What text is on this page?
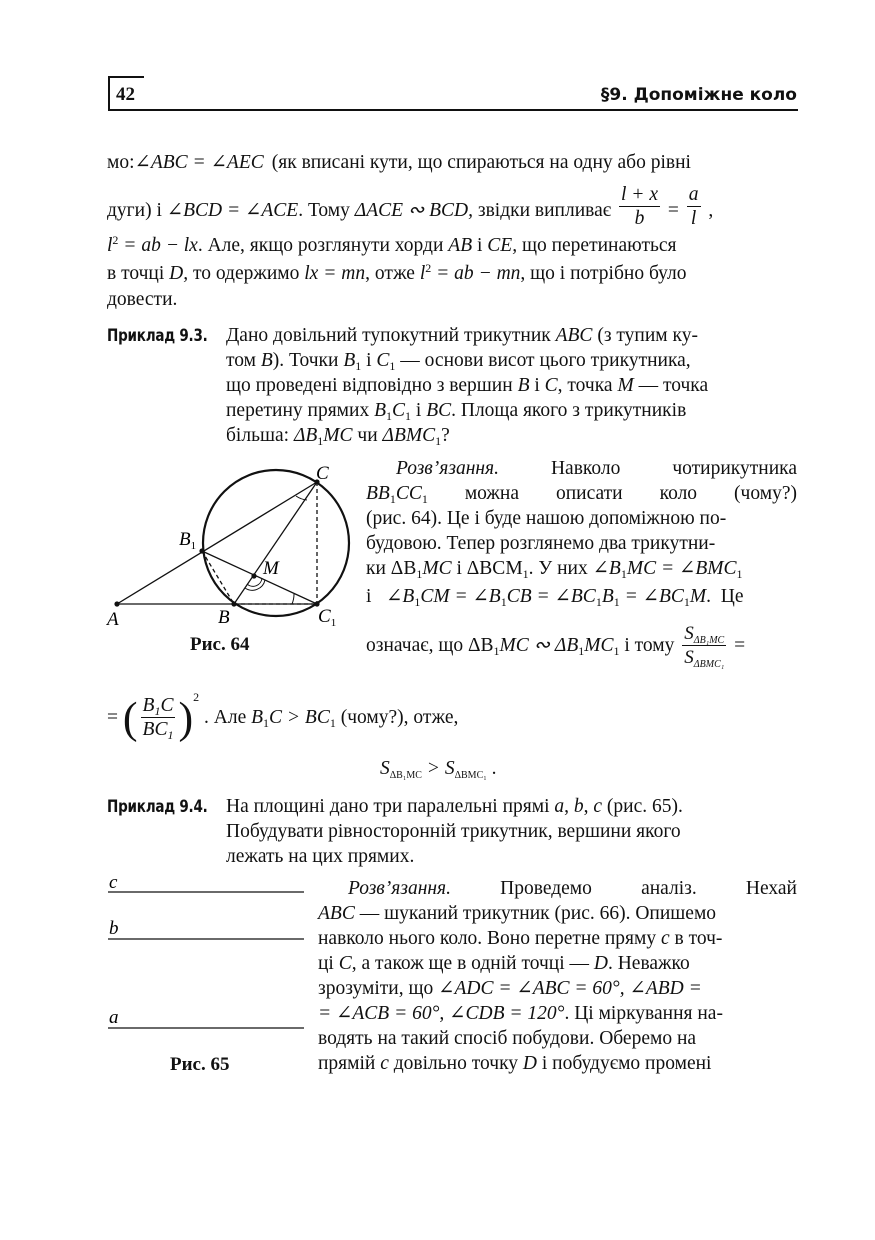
42	§9. Допоміжне коло
мо: ∠ABC = ∠AEC (як вписані кути, що спираються на одну або рівні
дуги) і ∠BCD = ∠ACE. Тому ΔACE ∾ BCD, звідки випливає $\frac{l + x}{b} = \frac{a}{l}$ ,
$l^2$ = ab − lx. Але, якщо розглянути хорди AB і CE, що перетинаються
в точці D, то одержимо lx = mn, отже $l^2$ = ab − mn, що і потрібно було
довести.
Приклад 9.3. Дано довільний тупокутний трикутник ABC (з тупим ку-
том B). Точки $B_1$ і $C_1$ — основи висот цього трикутника,
що проведені відповідно з вершин B і C, точка M — точка
перетину прямих $B_1C_1$ і BC. Площа якого з трикутників
більша: $\Delta B_1MC$ чи $\Delta BMC_1$?
C
$B_1$
M
A	B	$C_1$
Рис. 64
Розв’язання.	Навколо	чотирикутника
$BB_1CC_1$ можна описати коло (чому?)
(рис. 64). Це і буде нашою допоміжною по-
будовою. Тепер розглянемо два трикутни-
ки $\Delta B_1MC$ і $\Delta BCM_1$. У них $\angle B_1MC$ = $\angle BMC_1$
і $\angle B_1CM$ = $\angle B_1CB$ = $\angle BC_1B_1$ = $\angle BC_1M$. Це
означає, що $\Delta B_1MC$ ∾ $\Delta B_1MC_1$ і тому $\frac{S_{\Delta B_1MC}}{S_{\Delta BMC_1}}$ =
= ( $\frac{B_1C}{BC_1} )^2$ . Але $B_1C > BC_1$ (чому?), отже,
$S_{\Delta B_1MC} > S_{\Delta BMC_1}$ .
Приклад 9.4. На площині дано три паралельні прямі a, b, c (рис. 65).
Побудувати рівносторонній трикутник, вершини якого
лежать на цих прямих.
c
b
a
Рис. 65
Розв’язання.	Проведемо	аналіз.	Нехай
ABC — шуканий трикутник (рис. 66). Опишемо
навколо нього коло. Воно перетне пряму c в точ-
ці C, а також ще в одній точці — D. Неважко
зрозуміти, що ∠ADC = ∠ABC = 60°, ∠ABD =
= ∠ACB = 60°, ∠CDB = 120°. Ці міркування на-
водять на такий спосіб побудови. Оберемо на
прямій c довільно точку D і побудуємо промені
